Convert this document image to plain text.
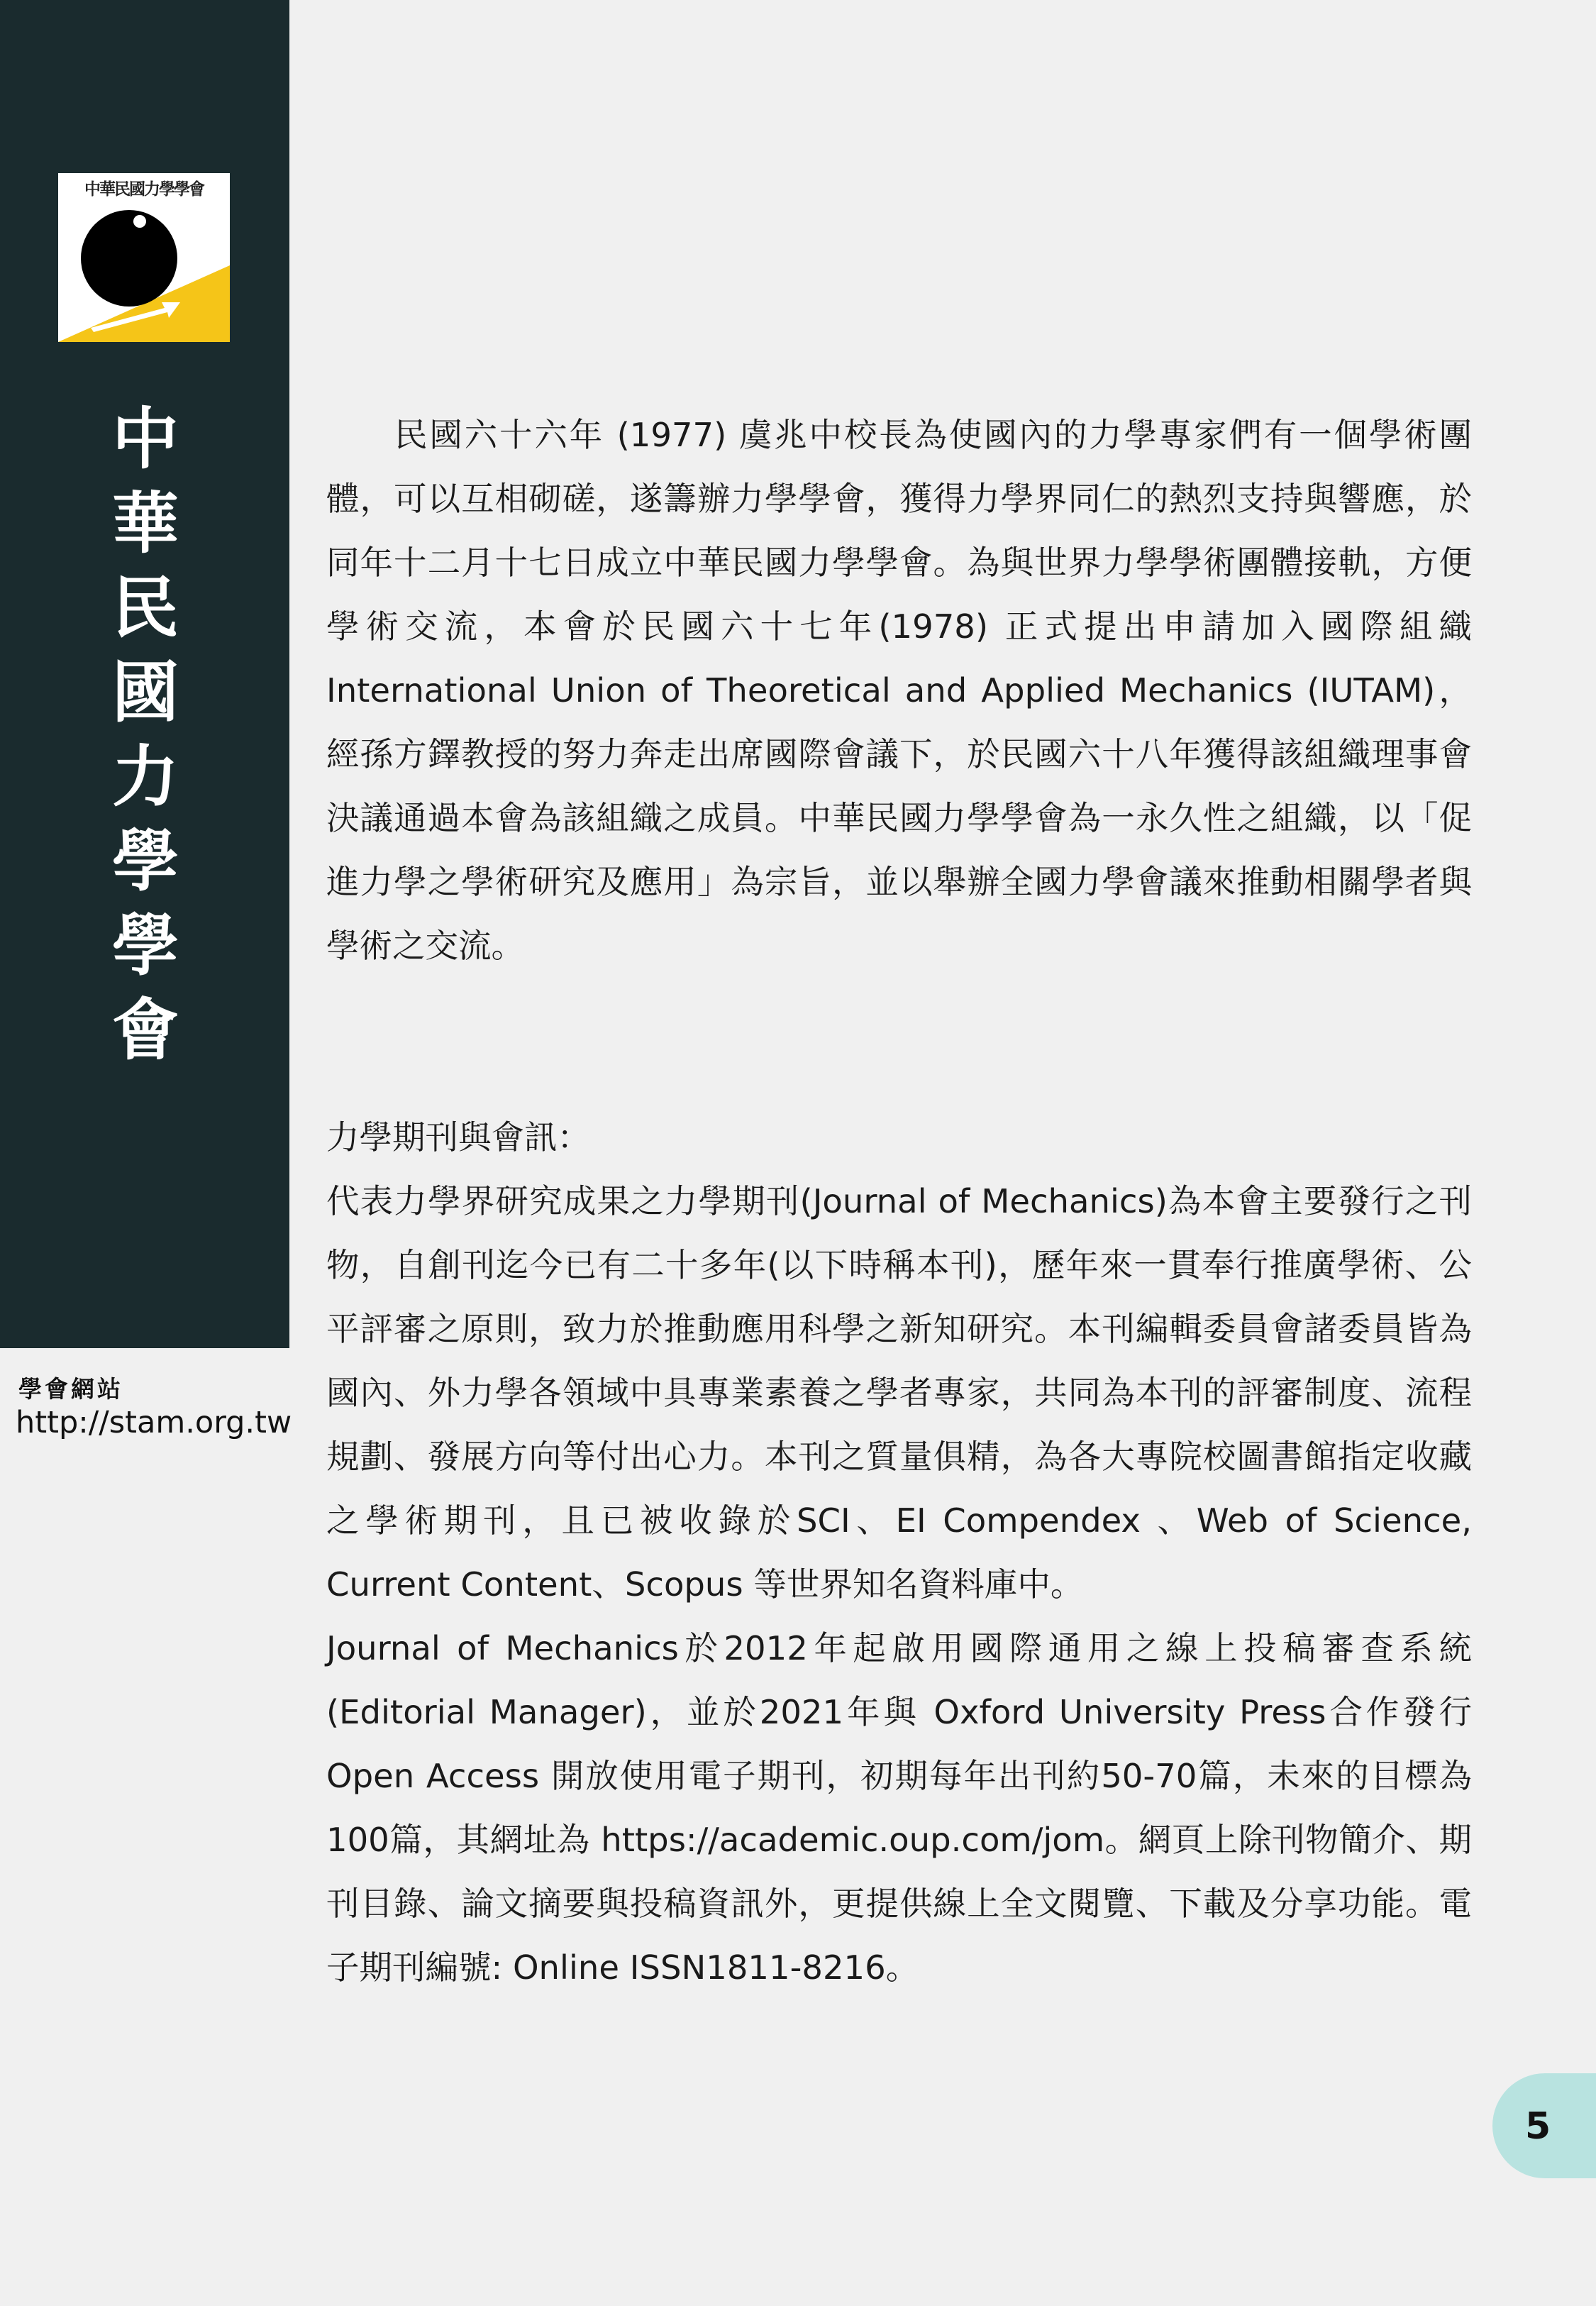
中華民國力學學會
中華民國力學學會
學會網站
http://stam.org.tw

民國六十六年 (1977) 虞兆中校長為使國內的力學專家們有一個學術團體，可以互相砌磋，遂籌辦力學學會，獲得力學界同仁的熱烈支持與響應，於同年十二月十七日成立中華民國力學學會。為與世界力學學術團體接軌，方便學術交流，本會於民國六十七年(1978) 正式提出申請加入國際組織 International Union of Theoretical and Applied Mechanics (IUTAM)，經孫方鐸教授的努力奔走出席國際會議下，於民國六十八年獲得該組織理事會決議通過本會為該組織之成員。中華民國力學學會為一永久性之組織，以「促進力學之學術研究及應用」為宗旨，並以舉辦全國力學會議來推動相關學者與學術之交流。

力學期刊與會訊：

代表力學界研究成果之力學期刊(Journal of Mechanics)為本會主要發行之刊物，自創刊迄今已有二十多年(以下時稱本刊)，歷年來一貫奉行推廣學術、公平評審之原則，致力於推動應用科學之新知研究。本刊編輯委員會諸委員皆為國內、外力學各領域中具專業素養之學者專家，共同為本刊的評審制度、流程規劃、發展方向等付出心力。本刊之質量俱精，為各大專院校圖書館指定收藏之學術期刊，且已被收錄於SCI、EI Compendex 、Web of Science, Current Content、Scopus 等世界知名資料庫中。

Journal of Mechanics於2012年起啟用國際通用之線上投稿審查系統(Editorial Manager)，並於2021年與 Oxford University Press合作發行Open Access 開放使用電子期刊，初期每年出刊約50-70篇，未來的目標為100篇，其網址為 https://academic.oup.com/jom。網頁上除刊物簡介、期刊目錄、論文摘要與投稿資訊外，更提供線上全文閱覽、下載及分享功能。電子期刊編號: Online ISSN1811-8216。

5
